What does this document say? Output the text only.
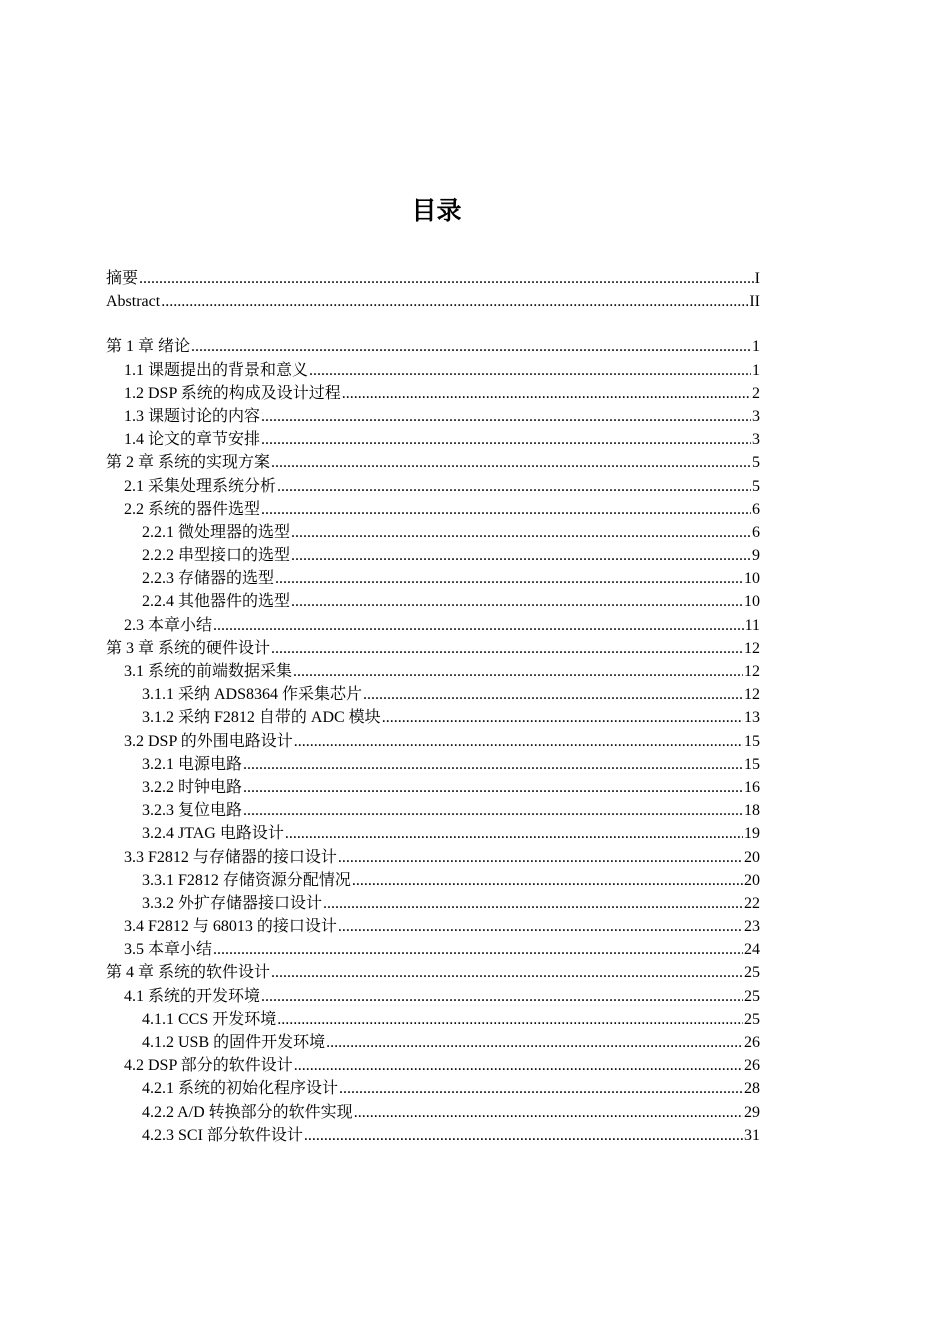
目录
摘要 .....	I
Abstract .....	II
第 1 章 绪论 .....	1
1.1 课题提出的背景和意义 .....	1
1.2 DSP 系统的构成及设计过程 .....	2
1.3 课题讨论的内容 .....	3
1.4 论文的章节安排 .....	3
第 2 章 系统的实现方案 .....	5
2.1 采集处理系统分析 .....	5
2.2 系统的器件选型 .....	6
2.2.1 微处理器的选型 .....	6
2.2.2 串型接口的选型 .....	9
2.2.3 存储器的选型 .....	10
2.2.4 其他器件的选型 .....	10
2.3 本章小结 .....	11
第 3 章 系统的硬件设计 .....	12
3.1 系统的前端数据采集 .....	12
3.1.1 采纳 ADS8364 作采集芯片 .....	12
3.1.2 采纳 F2812 自带的 ADC 模块 .....	13
3.2 DSP 的外围电路设计 .....	15
3.2.1 电源电路 .....	15
3.2.2 时钟电路 .....	16
3.2.3 复位电路 .....	18
3.2.4 JTAG 电路设计 .....	19
3.3 F2812 与存储器的接口设计 .....	20
3.3.1 F2812 存储资源分配情况 .....	20
3.3.2 外扩存储器接口设计 .....	22
3.4 F2812 与 68013 的接口设计 .....	23
3.5 本章小结 .....	24
第 4 章 系统的软件设计 .....	25
4.1 系统的开发环境 .....	25
4.1.1 CCS 开发环境 .....	25
4.1.2 USB 的固件开发环境 .....	26
4.2 DSP 部分的软件设计 .....	26
4.2.1 系统的初始化程序设计 .....	28
4.2.2 A/D 转换部分的软件实现 .....	29
4.2.3 SCI 部分软件设计 .....	31
